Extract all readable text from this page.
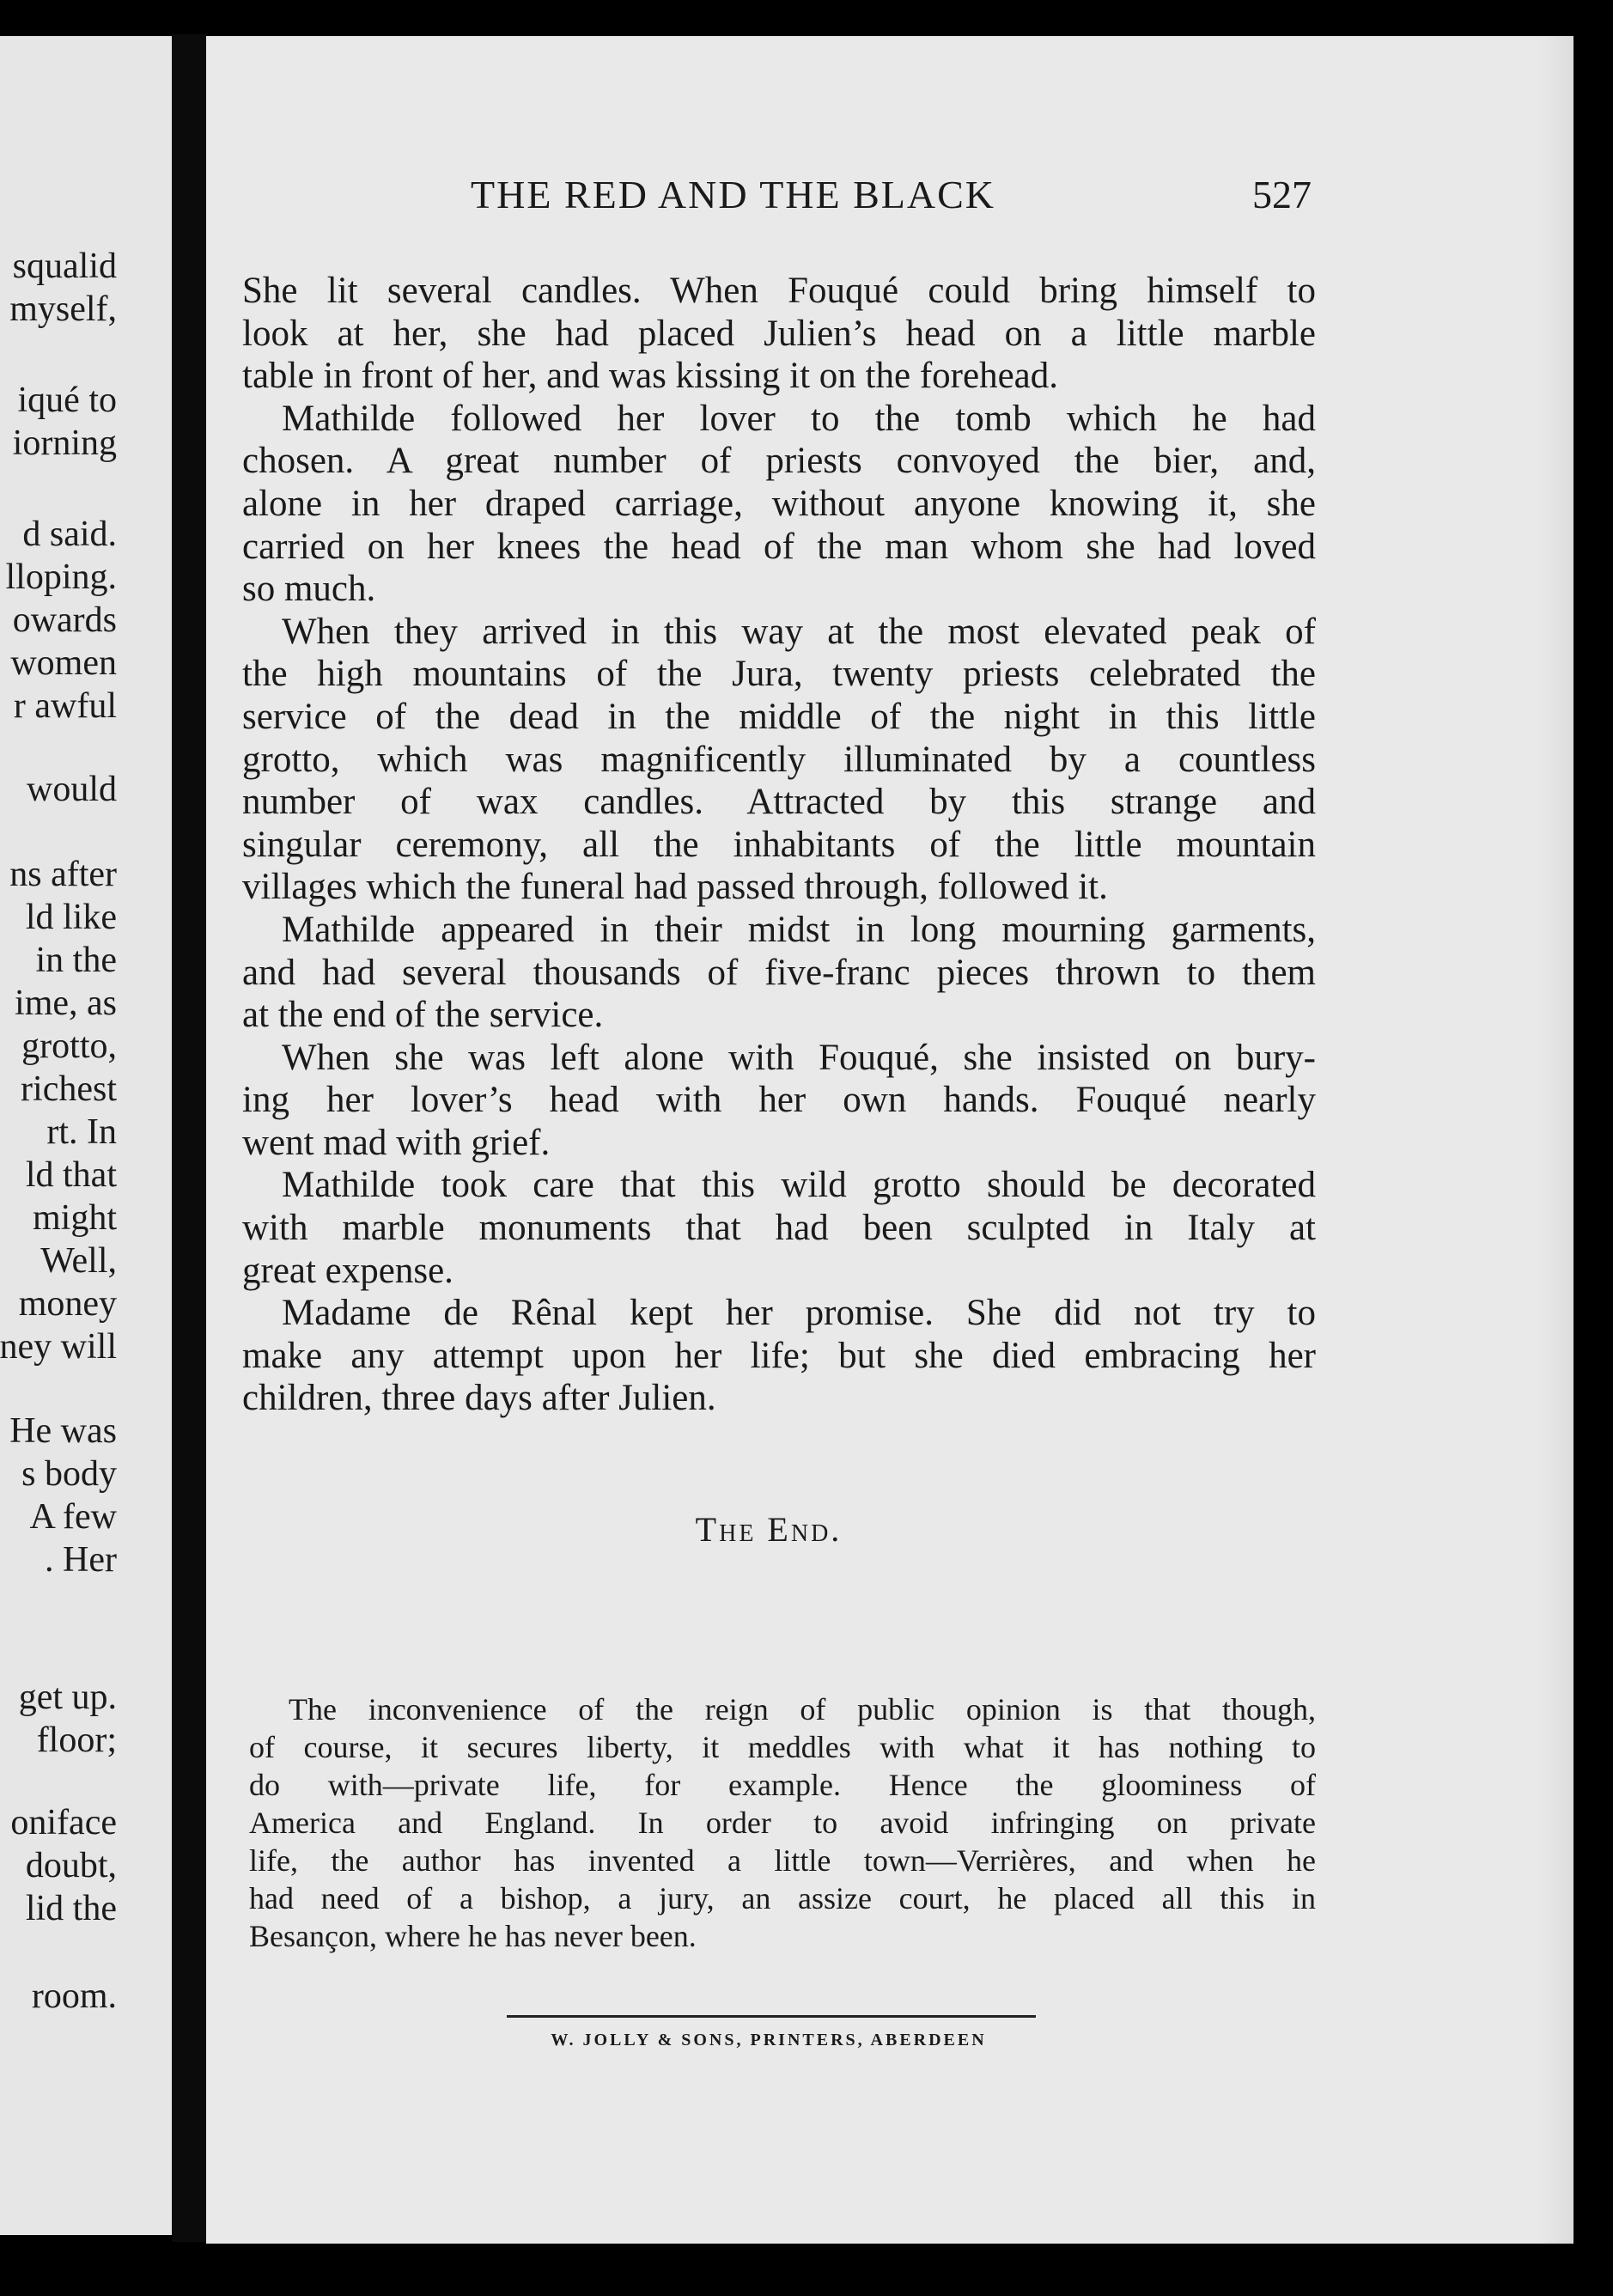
squalid
myself,
iqué to
iorning
d said.
lloping.
owards
women
r awful
would
ns after
ld like
in the
ime, as
grotto,
richest
rt. In
ld that
might
Well,
money
ney will
He was
s body
A few
. Her
get up.
floor;
oniface
doubt,
lid the
room.
THE RED AND THE BLACK	527
She lit several candles. When Fouqué could bring himself to
look at her, she had placed Julien’s head on a little marble
table in front of her, and was kissing it on the forehead.
Mathilde followed her lover to the tomb which he had
chosen. A great number of priests convoyed the bier, and,
alone in her draped carriage, without anyone knowing it, she
carried on her knees the head of the man whom she had loved
so much.
When they arrived in this way at the most elevated peak of
the high mountains of the Jura, twenty priests celebrated the
service of the dead in the middle of the night in this little
grotto, which was magnificently illuminated by a countless
number of wax candles. Attracted by this strange and
singular ceremony, all the inhabitants of the little mountain
villages which the funeral had passed through, followed it.
Mathilde appeared in their midst in long mourning garments,
and had several thousands of five-franc pieces thrown to them
at the end of the service.
When she was left alone with Fouqué, she insisted on bury-
ing her lover’s head with her own hands. Fouqué nearly
went mad with grief.
Mathilde took care that this wild grotto should be decorated
with marble monuments that had been sculpted in Italy at
great expense.
Madame de Rênal kept her promise. She did not try to
make any attempt upon her life; but she died embracing her
children, three days after Julien.
The End.
The inconvenience of the reign of public opinion is that though,
of course, it secures liberty, it meddles with what it has nothing to
do with—private life, for example. Hence the gloominess of
America and England. In order to avoid infringing on private
life, the author has invented a little town—Verrières, and when he
had need of a bishop, a jury, an assize court, he placed all this in
Besançon, where he has never been.
W. JOLLY & SONS, PRINTERS, ABERDEEN
